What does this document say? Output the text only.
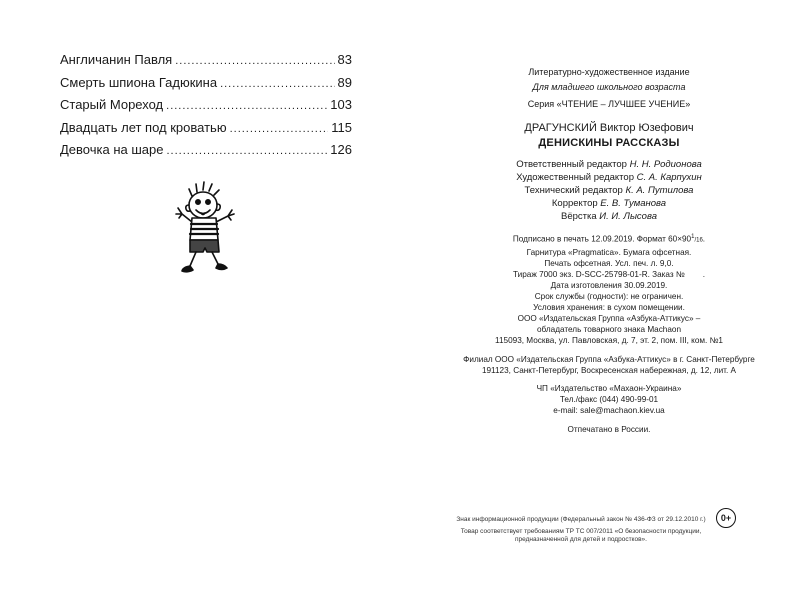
Англичанин Павля .....	83
Смерть шпиона Гадюкина .....	89
Старый Мореход .....	103
Двадцать лет под кроватью .....	115
Девочка на шаре .....	126
Литературно-художественное издание
Для младшего школьного возраста
Серия «ЧТЕНИЕ – ЛУЧШЕЕ УЧЕНИЕ»
ДРАГУНСКИЙ Виктор Юзефович
ДЕНИСКИНЫ РАССКАЗЫ
Ответственный редактор Н. Н. Родионова
Художественный редактор С. А. Карпухин
Технический редактор К. А. Путилова
Корректор Е. В. Туманова
Вёрстка И. И. Лысова
Подписано в печать 12.09.2019. Формат $60\times 90^1/16$.
Гарнитура «Pragmatica». Бумага офсетная.
Печать офсетная. Усл. печ. л. 9,0.
Тираж 7000 экз. D-SCC-25798-01-R. Заказ № .
Дата изготовления 30.09.2019.
Срок службы (годности): не ограничен.
Условия хранения: в сухом помещении.
ООО «Издательская Группа «Азбука-Аттикус» –
обладатель товарного знака Machaon
115093, Москва, ул. Павловская, д. 7, эт. 2, пом. III, ком. №1
Филиал ООО «Издательская Группа «Азбука-Аттикус» в г. Санкт-Петербурге
191123, Санкт-Петербург, Воскресенская набережная, д. 12, лит. А
ЧП «Издательство «Махаон-Украина»
Тел./факс (044) 490-99-01
e-mail: sale@machaon.kiev.ua
Отпечатано в России.
Знак информационной продукции (Федеральный закон № 436-ФЗ от 29.12.2010 г.)
Товар соответствует требованиям ТР ТС 007/2011 «О безопасности продукции,
предназначенной для детей и подростков».
0+
